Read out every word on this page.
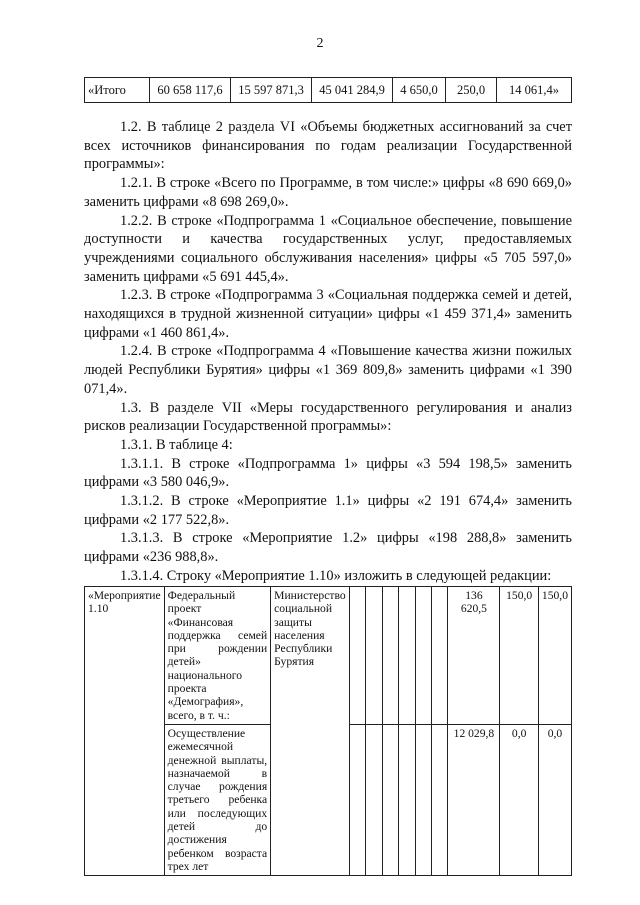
2
«Итого	60 658 117,6	15 597 871,3	45 041 284,9	4 650,0	250,0	14 061,4»

1.2. В таблице 2 раздела VI «Объемы бюджетных ассигнований за счет всех источников финансирования по годам реализации Государственной программы»:

1.2.1. В строке «Всего по Программе, в том числе:» цифры «8 690 669,0» заменить цифрами «8 698 269,0».

1.2.2. В строке «Подпрограмма 1 «Социальное обеспечение, повышение доступности и качества государственных услуг, предоставляемых учреждениями социального обслуживания населения» цифры «5 705 597,0» заменить цифрами «5 691 445,4».

1.2.3. В строке «Подпрограмма 3 «Социальная поддержка семей и детей, находящихся в трудной жизненной ситуации» цифры «1 459 371,4» заменить цифрами «1 460 861,4».

1.2.4. В строке «Подпрограмма 4 «Повышение качества жизни пожилых людей Республики Бурятия» цифры «1 369 809,8» заменить цифрами «1 390 071,4».

1.3. В разделе VII «Меры государственного регулирования и анализ рисков реализации Государственной программы»:

1.3.1. В таблице 4:

1.3.1.1. В строке «Подпрограмма 1» цифры «3 594 198,5» заменить цифрами «3 580 046,9».

1.3.1.2. В строке «Мероприятие 1.1» цифры «2 191 674,4» заменить цифрами «2 177 522,8».

1.3.1.3. В строке «Мероприятие 1.2» цифры «198 288,8» заменить цифрами «236 988,8».

1.3.1.4. Строку «Мероприятие 1.10» изложить в следующей редакции:

«Мероприятие 1.10	Федеральный проект «Финансовая поддержка семей при рождении детей» национального проекта «Демография», всего, в т. ч.:	Министерство социальной защиты населения Республики Бурятия							136 620,5	150,0	150,0
	Осуществление ежемесячной денежной выплаты, назначаемой в случае рождения третьего ребенка или последующих детей до достижения ребенком возраста трех лет								12 029,8	0,0	0,0
